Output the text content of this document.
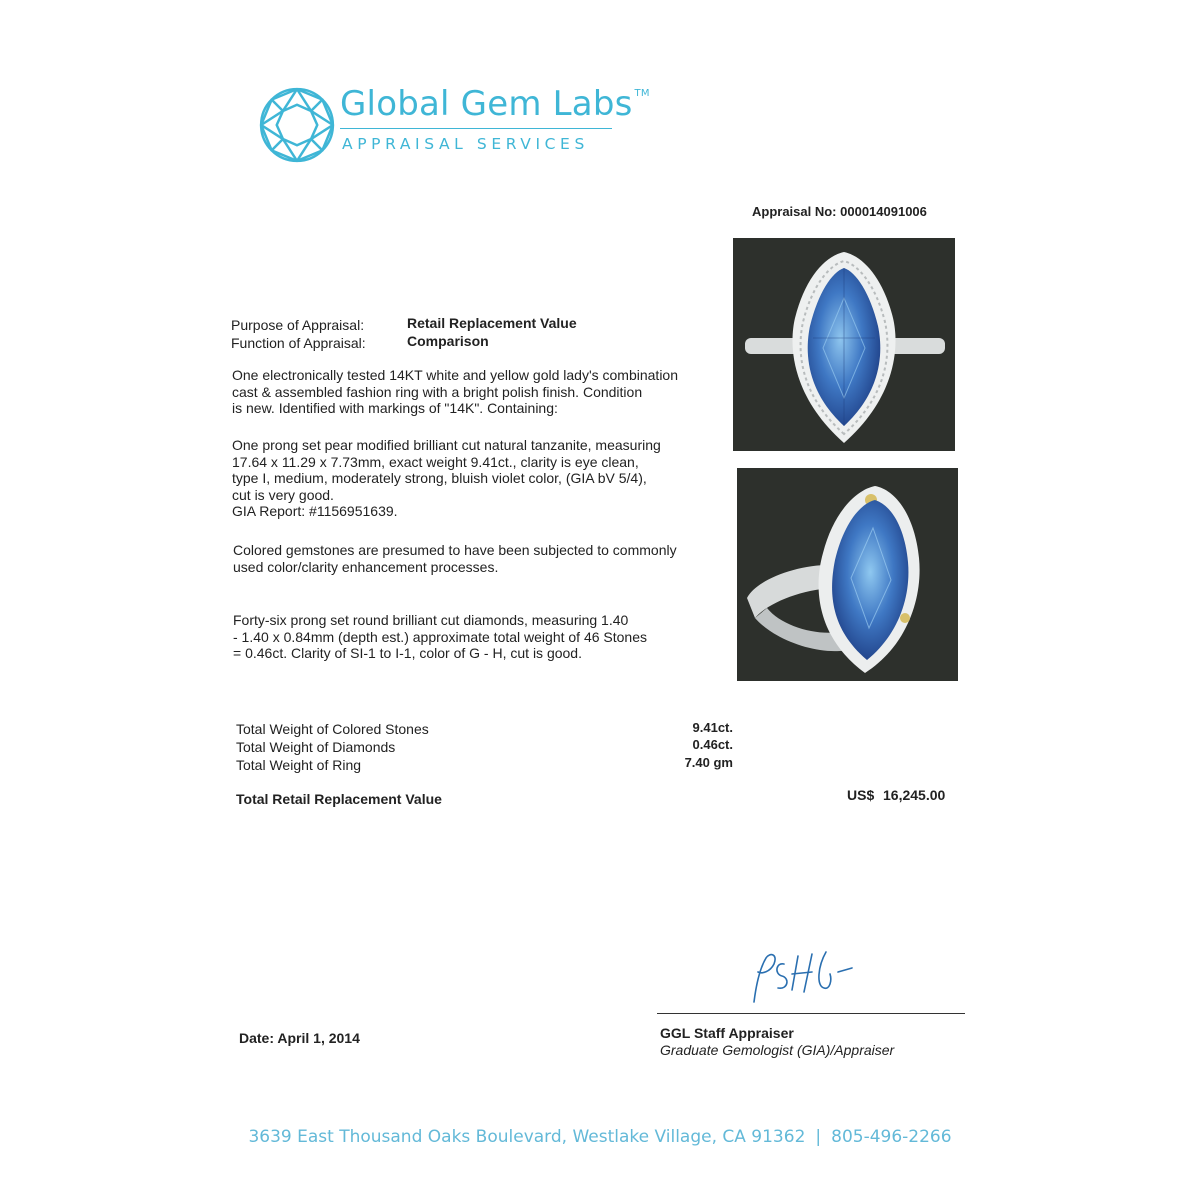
Global Gem Labs ™
APPRAISAL SERVICES
Appraisal No: 000014091006
Purpose of Appraisal:	Retail Replacement Value
Function of Appraisal:	Comparison
One electronically tested 14KT white and yellow gold lady's combination
cast & assembled fashion ring with a bright polish finish. Condition
is new. Identified with markings of "14K". Containing:
One prong set pear modified brilliant cut natural tanzanite, measuring
17.64 x 11.29 x 7.73mm, exact weight 9.41ct., clarity is eye clean,
type I, medium, moderately strong, bluish violet color, (GIA bV 5/4),
cut is very good.
GIA Report: #1156951639.
Colored gemstones are presumed to have been subjected to commonly
used color/clarity enhancement processes.
Forty-six prong set round brilliant cut diamonds, measuring 1.40
- 1.40 x 0.84mm (depth est.) approximate total weight of 46 Stones
= 0.46ct. Clarity of SI-1 to I-1, color of G - H, cut is good.
Total Weight of Colored Stones	9.41ct.
Total Weight of Diamonds	0.46ct.
Total Weight of Ring	7.40 gm
Total Retail Replacement Value	US$ 16,245.00
Date: April 1, 2014	GGL Staff Appraiser
Graduate Gemologist (GIA)/Appraiser
3639 East Thousand Oaks Boulevard, Westlake Village, CA 91362 | 805-496-2266
